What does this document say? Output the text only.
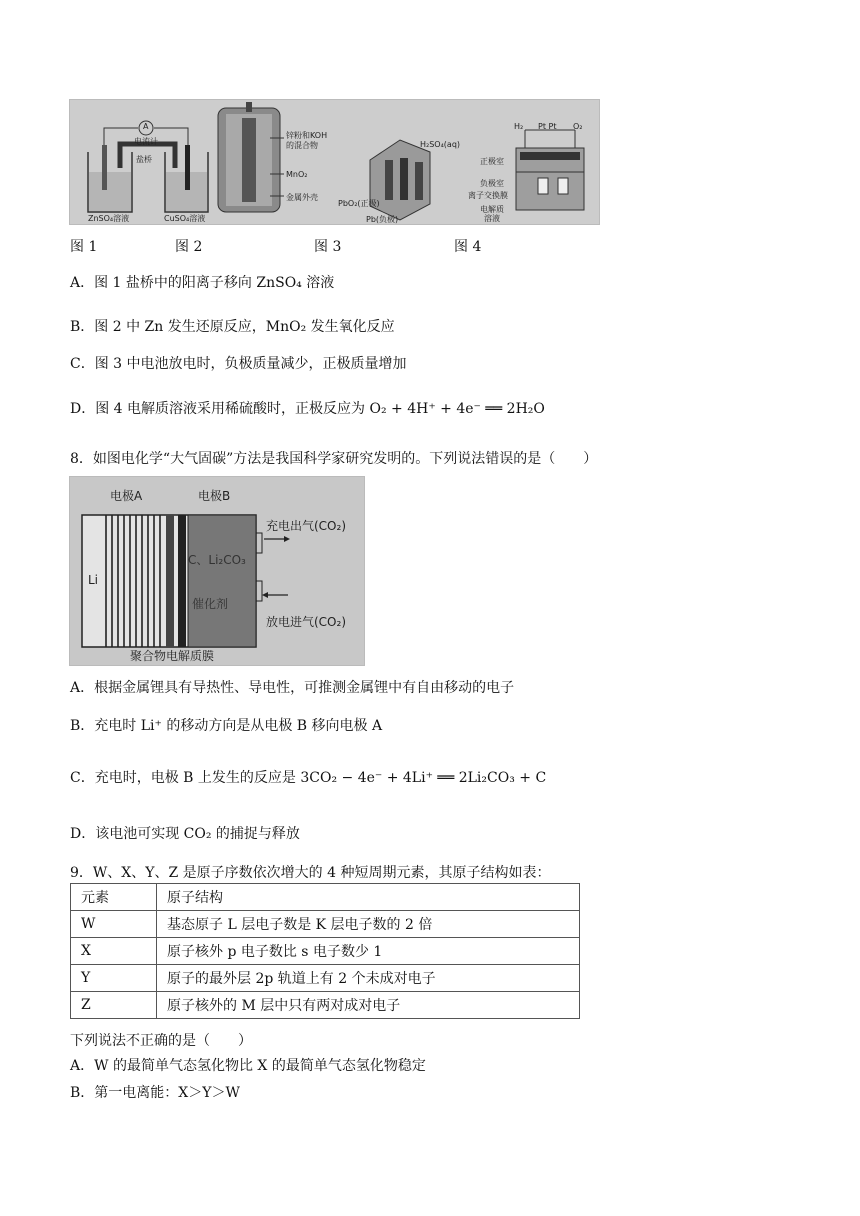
A
电流计
盐桥
ZnSO₄溶液	CuSO₄溶液
锌粉和KOH
的混合物
MnO₂
金属外壳
H₂SO₄(aq)
PbO₂(正极)
Pb(负极)
H₂ Pt Pt O₂
正极室
负极室
离子交换膜
电解质
溶液
图 1	图 2	图 3	图 4
A．图 1 盐桥中的阳离子移向 ZnSO₄ 溶液
B．图 2 中 Zn 发生还原反应，MnO₂ 发生氧化反应
C．图 3 中电池放电时，负极质量减少，正极质量增加
D．图 4 电解质溶液采用稀硫酸时，正极反应为 O₂ + 4H⁺ + 4e⁻ ══ 2H₂O
8．如图电化学“大气固碳”方法是我国科学家研究发明的。下列说法错误的是（　　）
电极A	电极B
Li
C、Li₂CO₃
催化剂
充电出气(CO₂)
放电进气(CO₂)
聚合物电解质膜
A．根据金属锂具有导热性、导电性，可推测金属锂中有自由移动的电子
B．充电时 Li⁺ 的移动方向是从电极 B 移向电极 A
C．充电时，电极 B 上发生的反应是 3CO₂ − 4e⁻ + 4Li⁺ ══ 2Li₂CO₃ + C
D．该电池可实现 CO₂ 的捕捉与释放
9．W、X、Y、Z 是原子序数依次增大的 4 种短周期元素，其原子结构如表：
元素	原子结构
W	基态原子 L 层电子数是 K 层电子数的 2 倍
X	原子核外 p 电子数比 s 电子数少 1
Y	原子的最外层 2p 轨道上有 2 个未成对电子
Z	原子核外的 M 层中只有两对成对电子
下列说法不正确的是（　　）
A．W 的最简单气态氢化物比 X 的最简单气态氢化物稳定
B．第一电离能：X＞Y＞W
